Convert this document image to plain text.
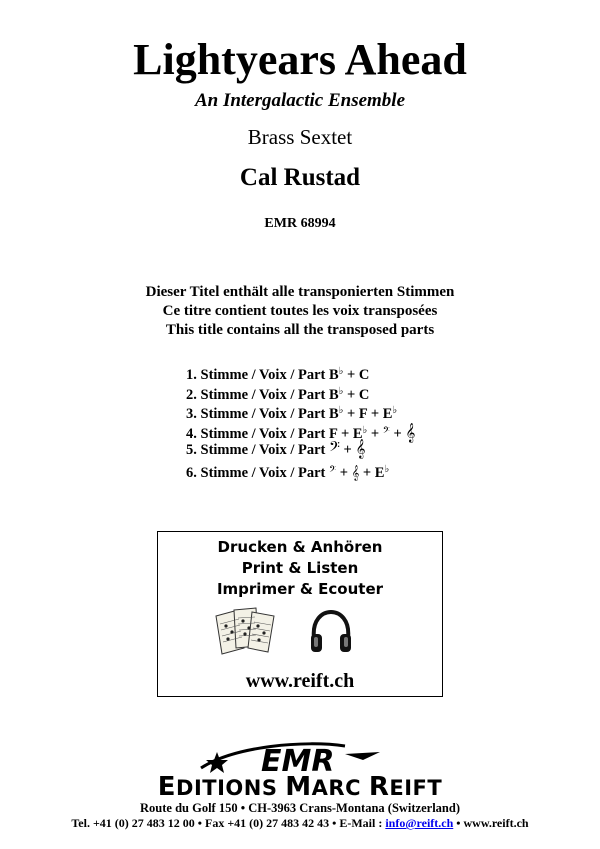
Lightyears Ahead
An Intergalactic Ensemble
Brass Sextet
Cal Rustad
EMR 68994
Dieser Titel enthält alle transponierten Stimmen
Ce titre contient toutes les voix transposées
This title contains all the transposed parts
1. Stimme / Voix / Part B♭ + C
2. Stimme / Voix / Part B♭ + C
3. Stimme / Voix / Part B♭ + F + E♭
4. Stimme / Voix / Part F + E♭ + 𝄢 + 𝄞
5. Stimme / Voix / Part 𝄢 + 𝄞
6. Stimme / Voix / Part 𝄢 + 𝄞 + E♭
Drucken & Anhören
Print & Listen
Imprimer & Ecouter
www.reift.ch
EMR
EDITIONS MARC REIFT
Route du Golf 150 • CH-3963 Crans-Montana (Switzerland)
Tel. +41 (0) 27 483 12 00 • Fax +41 (0) 27 483 42 43 • E-Mail : info@reift.ch • www.reift.ch
